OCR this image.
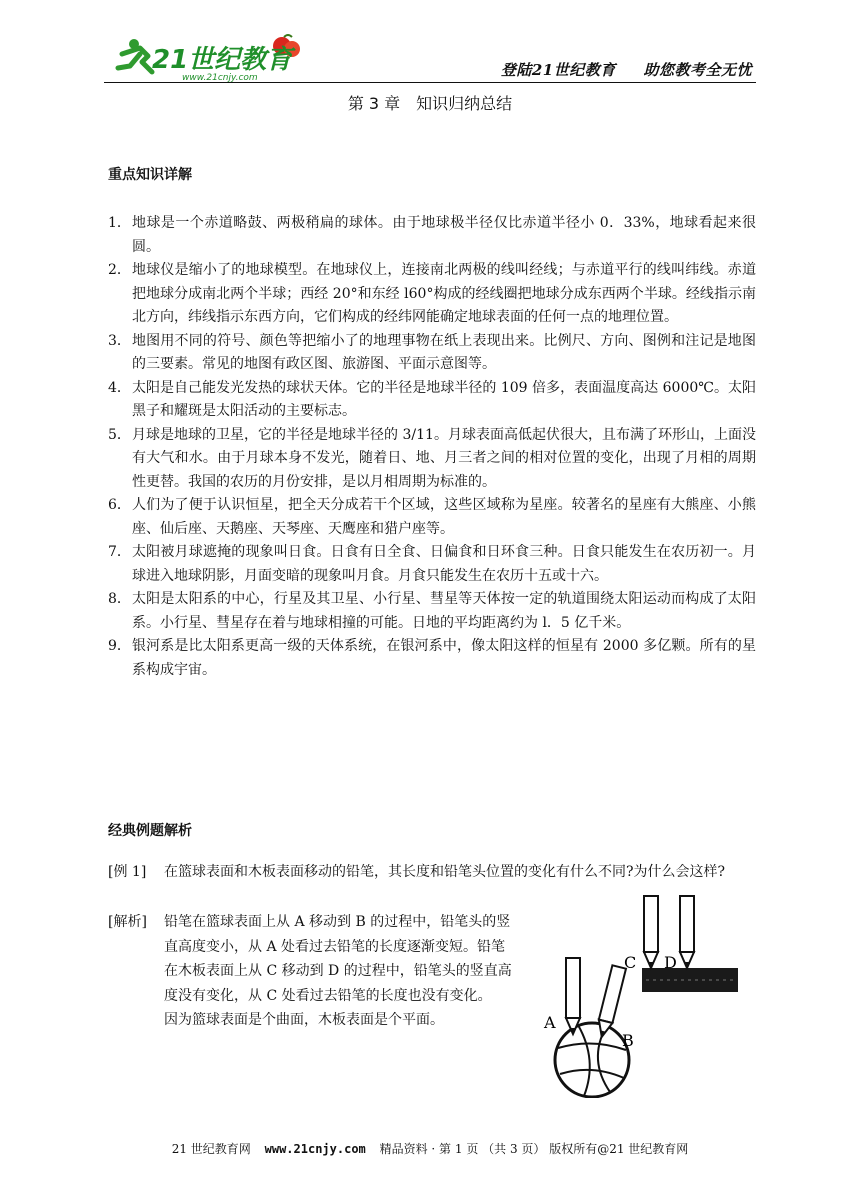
21世纪教育
www.21cnjy.com	登陆21世纪教育 助您教考全无忧
第 3 章　知识归纳总结
重点知识详解
1． 地球是一个赤道略鼓、两极稍扁的球体。由于地球极半径仅比赤道半径小 0．33%，地球看起来很圆。
2． 地球仪是缩小了的地球模型。在地球仪上，连接南北两极的线叫经线；与赤道平行的线叫纬线。赤道把地球分成南北两个半球；西经 20°和东经 l60°构成的经线圈把地球分成东西两个半球。经线指示南北方向，纬线指示东西方向，它们构成的经纬网能确定地球表面的任何一点的地理位置。
3． 地图用不同的符号、颜色等把缩小了的地理事物在纸上表现出来。比例尺、方向、图例和注记是地图的三要素。常见的地图有政区图、旅游图、平面示意图等。
4． 太阳是自己能发光发热的球状天体。它的半径是地球半径的 109 倍多，表面温度高达 6000℃。太阳黑子和耀斑是太阳活动的主要标志。
5． 月球是地球的卫星，它的半径是地球半径的 3/11。月球表面高低起伏很大，且布满了环形山，上面没有大气和水。由于月球本身不发光，随着日、地、月三者之间的相对位置的变化，出现了月相的周期性更替。我国的农历的月份安排，是以月相周期为标准的。
6． 人们为了便于认识恒星，把全天分成若干个区域，这些区域称为星座。较著名的星座有大熊座、小熊座、仙后座、天鹅座、天琴座、天鹰座和猎户座等。
7． 太阳被月球遮掩的现象叫日食。日食有日全食、日偏食和日环食三种。日食只能发生在农历初一。月球进入地球阴影，月面变暗的现象叫月食。月食只能发生在农历十五或十六。
8． 太阳是太阳系的中心，行星及其卫星、小行星、彗星等天体按一定的轨道围绕太阳运动而构成了太阳系。小行星、彗星存在着与地球相撞的可能。日地的平均距离约为 l．5 亿千米。
9． 银河系是比太阳系更高一级的天体系统，在银河系中，像太阳这样的恒星有 2000 多亿颗。所有的星系构成宇宙。
经典例题解析
[例 1] 在篮球表面和木板表面移动的铅笔，其长度和铅笔头位置的变化有什么不同?为什么会这样?
[解析] 铅笔在篮球表面上从 A 移动到 B 的过程中，铅笔头的竖直高度变小，从 A 处看过去铅笔的长度逐渐变短。铅笔在木板表面上从 C 移动到 D 的过程中，铅笔头的竖直高度没有变化，从 C 处看过去铅笔的长度也没有变化。

因为篮球表面是个曲面，木板表面是个平面。	A
B
C D
21 世纪教育网 www.21cnjy.com 精品资料 · 第 1 页 （共 3 页） 版权所有@21 世纪教育网
